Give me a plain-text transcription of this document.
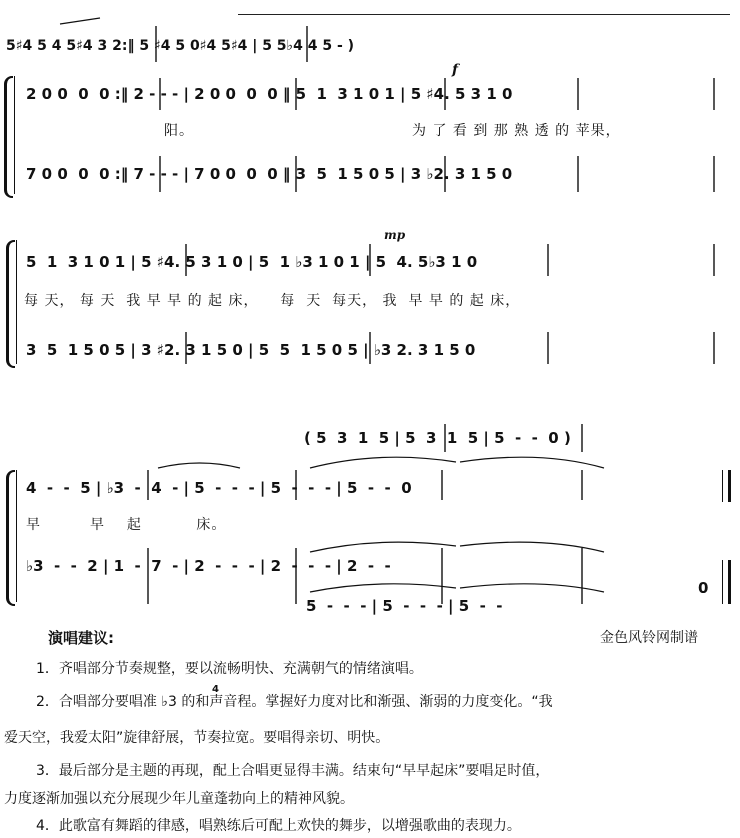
5♯4 5 4 5♯4 3 2:‖ 5 ♯4 5 0♯4 5♯4 | 5 5♭4 4 5 - )
f
2 0 0  0  0 :‖ 2 - - - | 2 0 0  0  0 ‖ 5  1  3 1 0 1 | 5 ♯4. 5 3 1 0
阳。                                        为 了 看 到 那 熟 透 的 苹果，
7 0 0  0  0 :‖ 7 - - - | 7 0 0  0  0 ‖ 3  5  1 5 0 5 | 3 ♭2. 3 1 5 0
mp
5  1  3 1 0 1 | 5 ♯4. 5 3 1 0 | 5  1 ♭3 1 0 1 | 5  4. 5♭3 1 0
每 天， 每 天  我 早 早 的 起 床，    每  天  每天， 我  早 早 的 起 床，
3  5  1 5 0 5 | 3 ♯2. 3 1 5 0 | 5  5  1 5 0 5 | ♭3 2. 3 1 5 0
( 5  3  1  5 | 5  3  1  5 | 5  -  -  0 )
4  -  -  5 | ♭3  -  4  - | 5  -  -  - | 5  -  -  - | 5  -  -  0
早         早    起          床。
♭3  -  -  2 | 1  -  7  - | 2  -  -  - | 2  -  -  - | 2  -  -
5  -  -  - | 5  -  -  - | 5  -  -
0
演唱建议:	金色风铃网制谱
1．齐唱部分节奏规整，要以流畅明快、充满朝气的情绪演唱。
2．合唱部分要唱准 ♭3 的和声音程。掌握好力度对比和渐强、渐弱的力度变化。“我
4
爱天空，我爱太阳”旋律舒展，节奏拉宽。要唱得亲切、明快。
3．最后部分是主题的再现，配上合唱更显得丰满。结束句“早早起床”要唱足时值，
力度逐渐加强以充分展现少年儿童蓬勃向上的精神风貌。
4．此歌富有舞蹈的律感，唱熟练后可配上欢快的舞步，以增强歌曲的表现力。
